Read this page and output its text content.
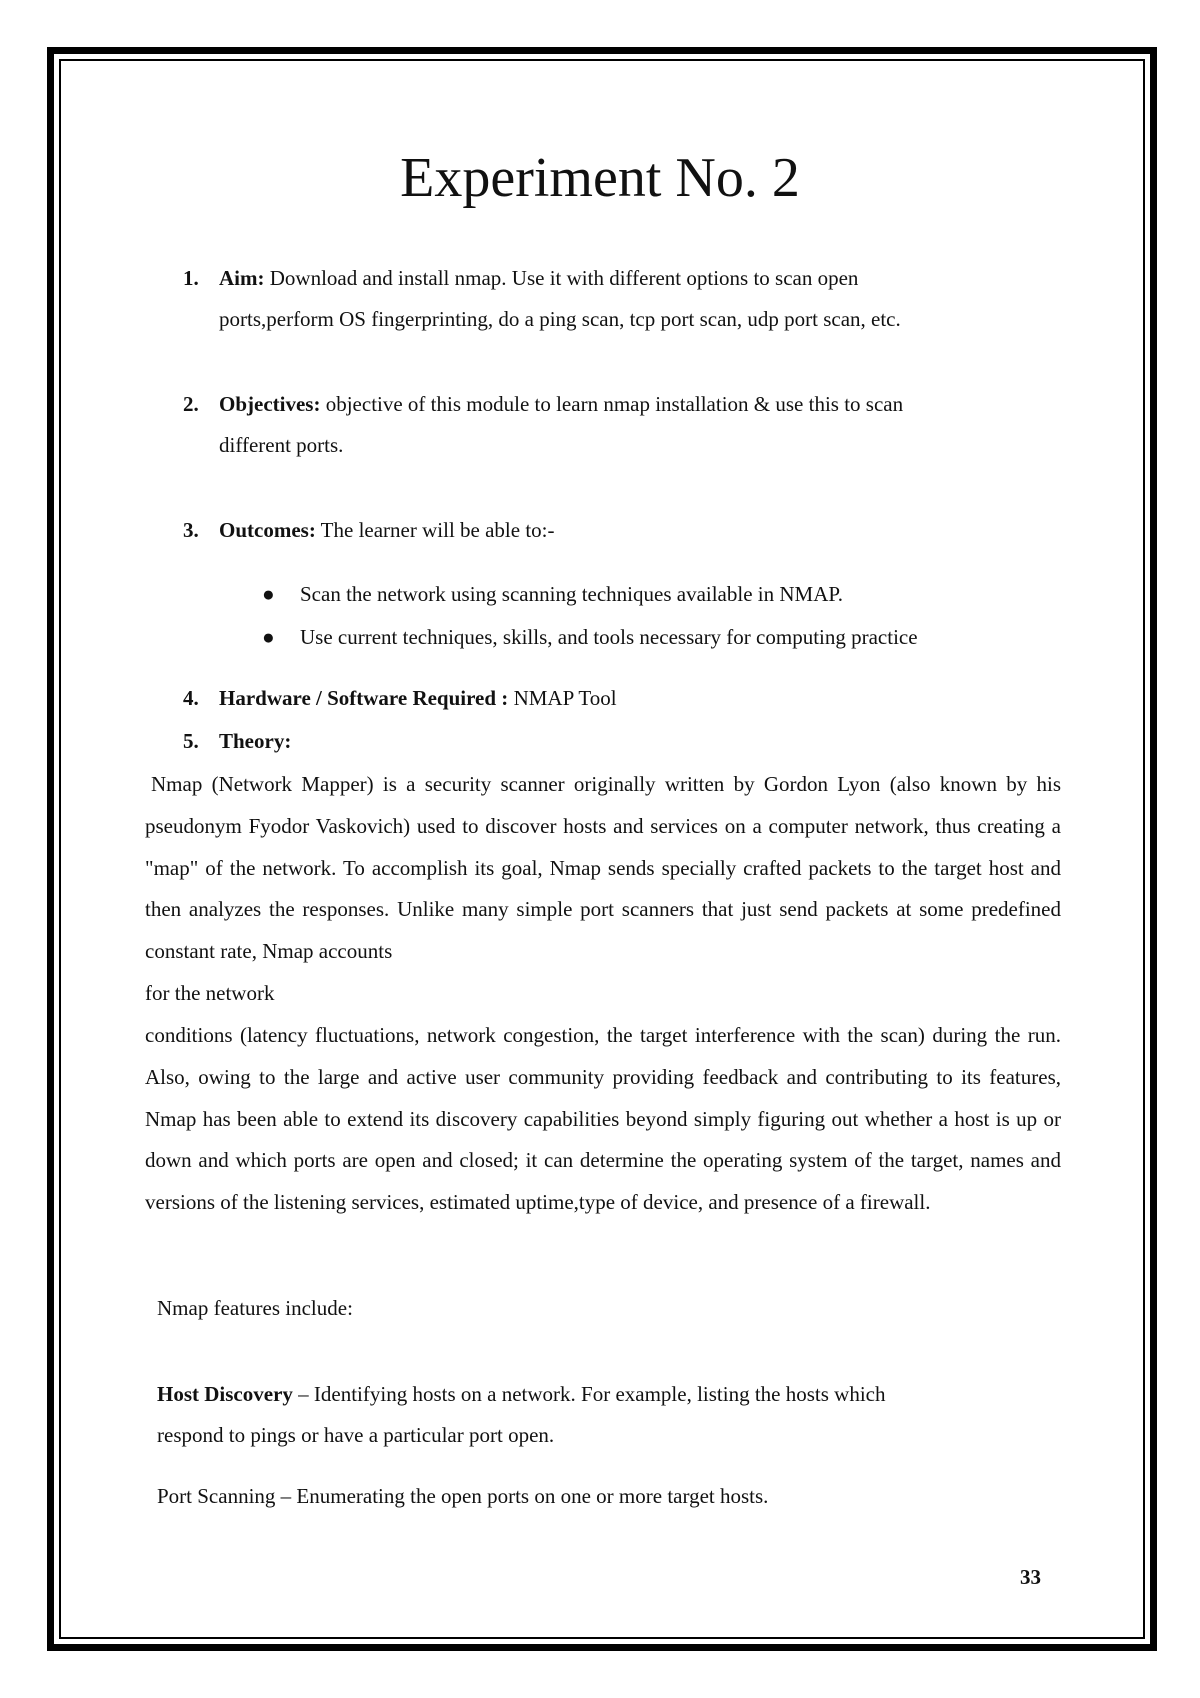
Experiment No. 2
1. Aim: Download and install nmap. Use it with different options to scan open
ports,perform OS fingerprinting, do a ping scan, tcp port scan, udp port scan, etc.
2. Objectives: objective of this module to learn nmap installation & use this to scan
different ports.
3. Outcomes: The learner will be able to:-
● Scan the network using scanning techniques available in NMAP.
● Use current techniques, skills, and tools necessary for computing practice
4. Hardware / Software Required : NMAP Tool
5. Theory:
Nmap (Network Mapper) is a security scanner originally written by Gordon Lyon (also known by his pseudonym Fyodor Vaskovich) used to discover hosts and services on a computer network, thus creating a "map" of the network. To accomplish its goal, Nmap sends specially crafted packets to the target host and then analyzes the responses. Unlike many simple port scanners that just send packets at some predefined constant rate, Nmap accounts
for the network
conditions (latency fluctuations, network congestion, the target interference with the scan) during the run. Also, owing to the large and active user community providing feedback and contributing to its features, Nmap has been able to extend its discovery capabilities beyond simply figuring out whether a host is up or down and which ports are open and closed; it can determine the operating system of the target, names and versions of the listening services, estimated uptime,type of device, and presence of a firewall.
Nmap features include:
Host Discovery – Identifying hosts on a network. For example, listing the hosts which
respond to pings or have a particular port open.
Port Scanning – Enumerating the open ports on one or more target hosts.
33
